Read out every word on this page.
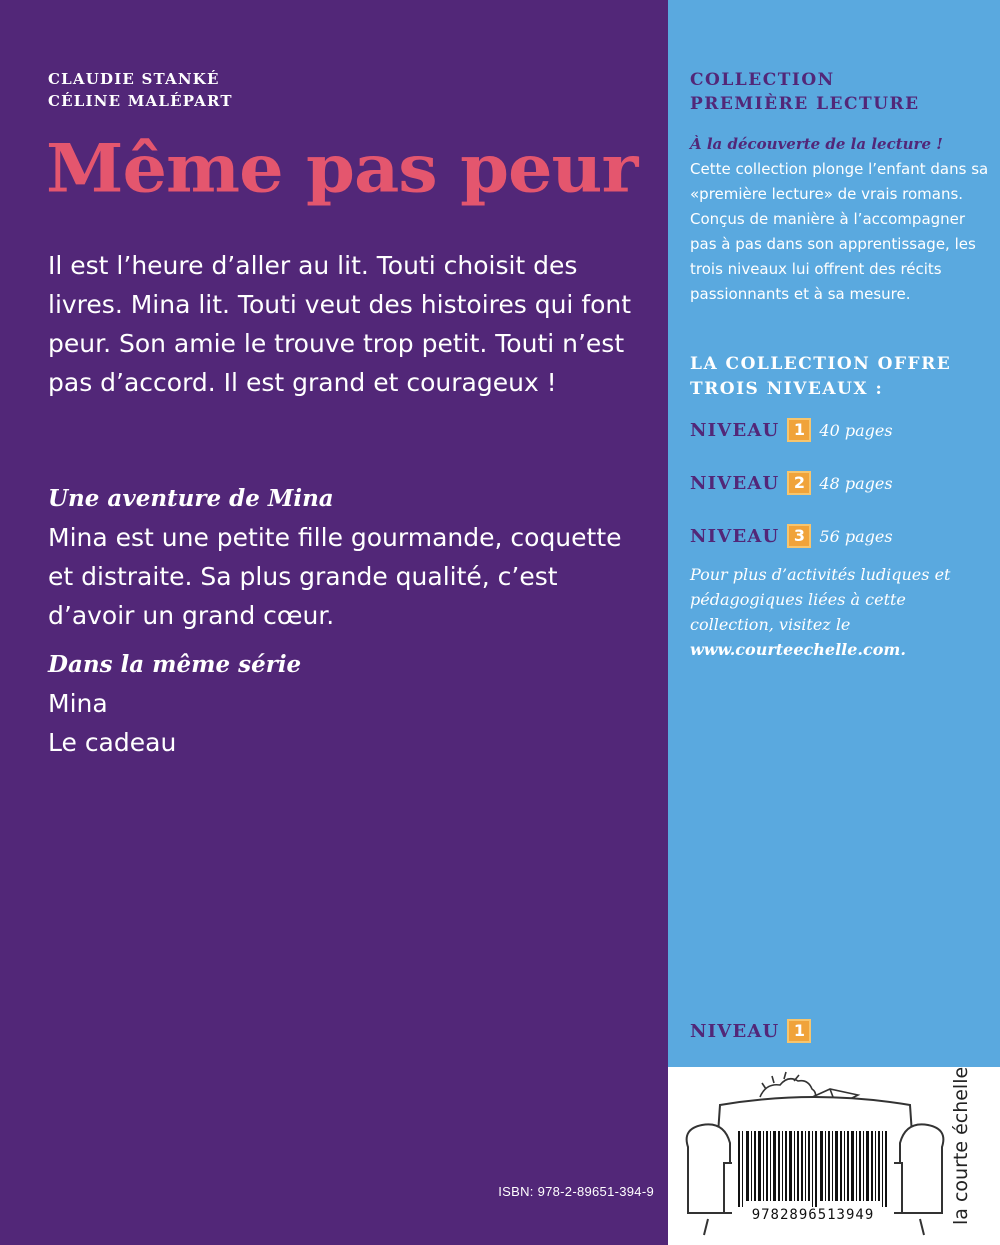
CLAUDIE STANKÉ
CÉLINE MALÉPART
Même pas peur

Il est l’heure d’aller au lit. Touti choisit des livres. Mina lit. Touti veut des histoires qui font peur. Son amie le trouve trop petit. Touti n’est pas d’accord. Il est grand et courageux !

Une aventure de Mina

Mina est une petite fille gourmande, coquette et distraite. Sa plus grande qualité, c’est d’avoir un grand cœur.

Dans la même série

Mina
Le cadeau
ISBN: 978-2-89651-394-9
COLLECTION
PREMIÈRE LECTURE
À la découverte de la lecture !
Cette collection plonge l’enfant dans sa «première lecture» de vrais romans. Conçus de manière à l’accompagner pas à pas dans son apprentissage, les trois niveaux lui offrent des récits passionnants et à sa mesure.
LA COLLECTION OFFRE
TROIS NIVEAUX :
NIVEAU 1 40 pages
NIVEAU 2 48 pages
NIVEAU 3 56 pages

Pour plus d’activités ludiques et pédagogiques liées à cette collection, visitez le
www.courteechelle.com.

NIVEAU 1
9782896513949	la courte échelle
